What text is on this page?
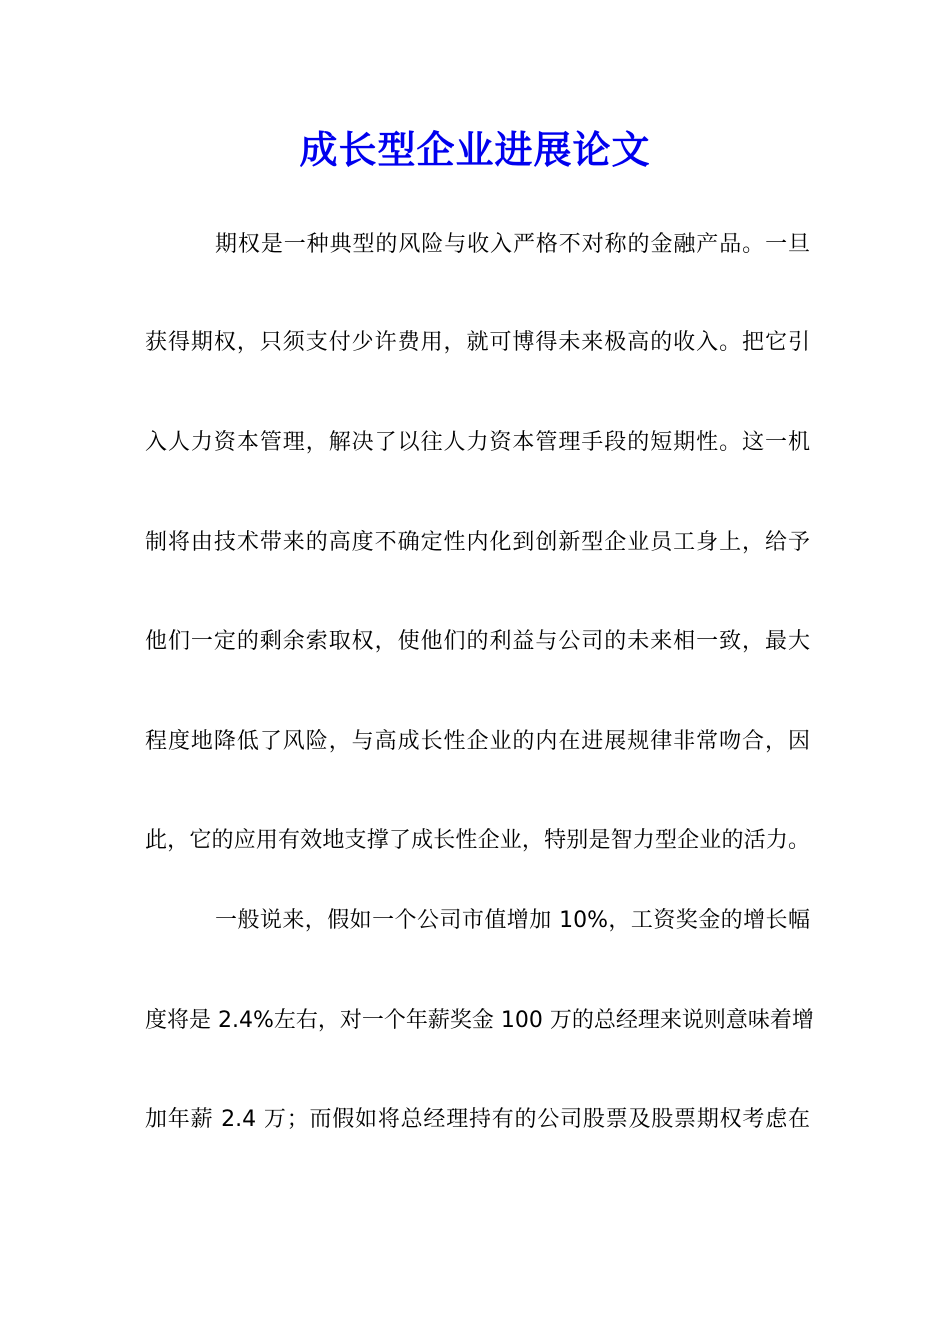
成长型企业进展论文
期权是一种典型的风险与收入严格不对称的金融产品。一旦
获得期权，只须支付少许费用，就可博得未来极高的收入。把它引
入人力资本管理，解决了以往人力资本管理手段的短期性。这一机
制将由技术带来的高度不确定性内化到创新型企业员工身上，给予
他们一定的剩余索取权，使他们的利益与公司的未来相一致，最大
程度地降低了风险，与高成长性企业的内在进展规律非常吻合，因
此，它的应用有效地支撑了成长性企业，特别是智力型企业的活力。
一般说来，假如一个公司市值增加 10%，工资奖金的增长幅
度将是 2.4%左右，对一个年薪奖金 100 万的总经理来说则意味着增
加年薪 2.4 万；而假如将总经理持有的公司股票及股票期权考虑在
